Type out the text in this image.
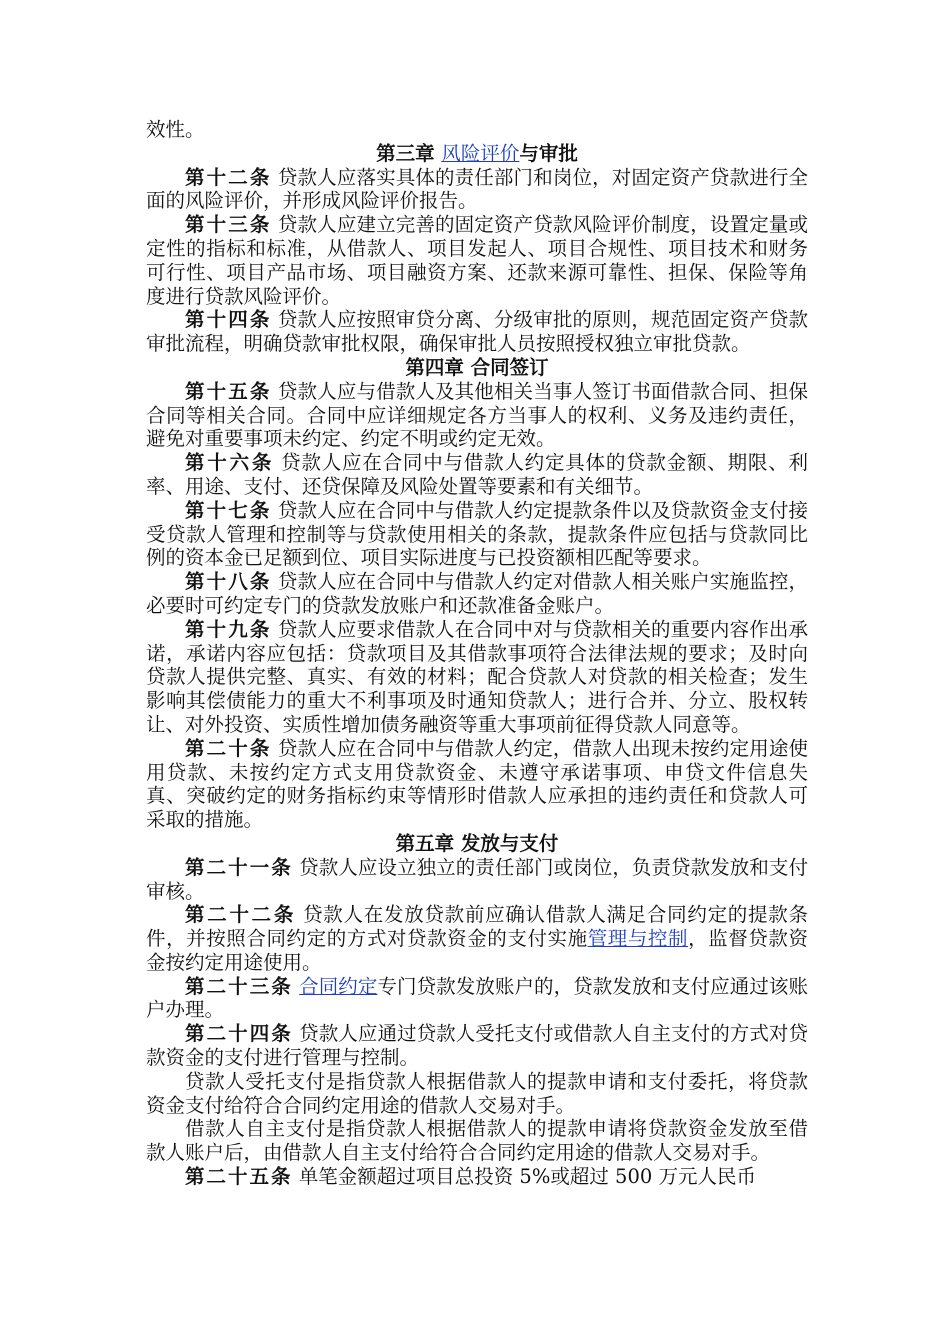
效性。

第三章 风险评价与审批

第十二条 贷款人应落实具体的责任部门和岗位，对固定资产贷款进行全面的风险评价，并形成风险评价报告。

第十三条 贷款人应建立完善的固定资产贷款风险评价制度，设置定量或定性的指标和标准，从借款人、项目发起人、项目合规性、项目技术和财务可行性、项目产品市场、项目融资方案、还款来源可靠性、担保、保险等角度进行贷款风险评价。

第十四条 贷款人应按照审贷分离、分级审批的原则，规范固定资产贷款审批流程，明确贷款审批权限，确保审批人员按照授权独立审批贷款。

第四章 合同签订

第十五条 贷款人应与借款人及其他相关当事人签订书面借款合同、担保合同等相关合同。合同中应详细规定各方当事人的权利、义务及违约责任，避免对重要事项未约定、约定不明或约定无效。

第十六条 贷款人应在合同中与借款人约定具体的贷款金额、期限、利率、用途、支付、还贷保障及风险处置等要素和有关细节。

第十七条 贷款人应在合同中与借款人约定提款条件以及贷款资金支付接受贷款人管理和控制等与贷款使用相关的条款，提款条件应包括与贷款同比例的资本金已足额到位、项目实际进度与已投资额相匹配等要求。

第十八条 贷款人应在合同中与借款人约定对借款人相关账户实施监控，必要时可约定专门的贷款发放账户和还款准备金账户。

第十九条 贷款人应要求借款人在合同中对与贷款相关的重要内容作出承诺，承诺内容应包括：贷款项目及其借款事项符合法律法规的要求；及时向贷款人提供完整、真实、有效的材料；配合贷款人对贷款的相关检查；发生影响其偿债能力的重大不利事项及时通知贷款人；进行合并、分立、股权转让、对外投资、实质性增加债务融资等重大事项前征得贷款人同意等。

第二十条 贷款人应在合同中与借款人约定，借款人出现未按约定用途使用贷款、未按约定方式支用贷款资金、未遵守承诺事项、申贷文件信息失真、突破约定的财务指标约束等情形时借款人应承担的违约责任和贷款人可采取的措施。

第五章 发放与支付

第二十一条 贷款人应设立独立的责任部门或岗位，负责贷款发放和支付审核。

第二十二条 贷款人在发放贷款前应确认借款人满足合同约定的提款条件，并按照合同约定的方式对贷款资金的支付实施管理与控制，监督贷款资金按约定用途使用。

第二十三条 合同约定专门贷款发放账户的，贷款发放和支付应通过该账户办理。

第二十四条 贷款人应通过贷款人受托支付或借款人自主支付的方式对贷款资金的支付进行管理与控制。

贷款人受托支付是指贷款人根据借款人的提款申请和支付委托，将贷款资金支付给符合合同约定用途的借款人交易对手。

借款人自主支付是指贷款人根据借款人的提款申请将贷款资金发放至借款人账户后，由借款人自主支付给符合合同约定用途的借款人交易对手。

第二十五条 单笔金额超过项目总投资 5%或超过 500 万元人民币
